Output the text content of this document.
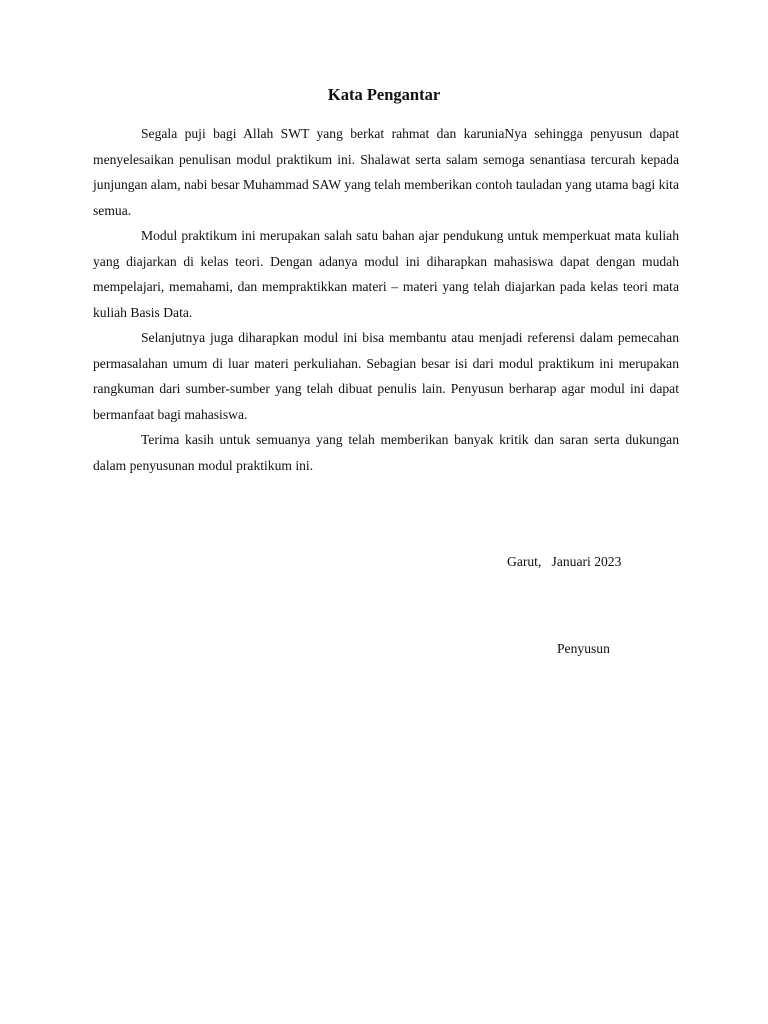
Kata Pengantar

Segala puji bagi Allah SWT yang berkat rahmat dan karuniaNya sehingga penyusun dapat menyelesaikan penulisan modul praktikum ini. Shalawat serta salam semoga senantiasa tercurah kepada junjungan alam, nabi besar Muhammad SAW yang telah memberikan contoh tauladan yang utama bagi kita semua.

Modul praktikum ini merupakan salah satu bahan ajar pendukung untuk memperkuat mata kuliah yang diajarkan di kelas teori. Dengan adanya modul ini diharapkan mahasiswa dapat dengan mudah mempelajari, memahami, dan mempraktikkan materi – materi yang telah diajarkan pada kelas teori mata kuliah Basis Data.

Selanjutnya juga diharapkan modul ini bisa membantu atau menjadi referensi dalam pemecahan permasalahan umum di luar materi perkuliahan. Sebagian besar isi dari modul praktikum ini merupakan rangkuman dari sumber-sumber yang telah dibuat penulis lain. Penyusun berharap agar modul ini dapat bermanfaat bagi mahasiswa.

Terima kasih untuk semuanya yang telah memberikan banyak kritik dan saran serta dukungan dalam penyusunan modul praktikum ini.

Garut,   Januari 2023
Penyusun
